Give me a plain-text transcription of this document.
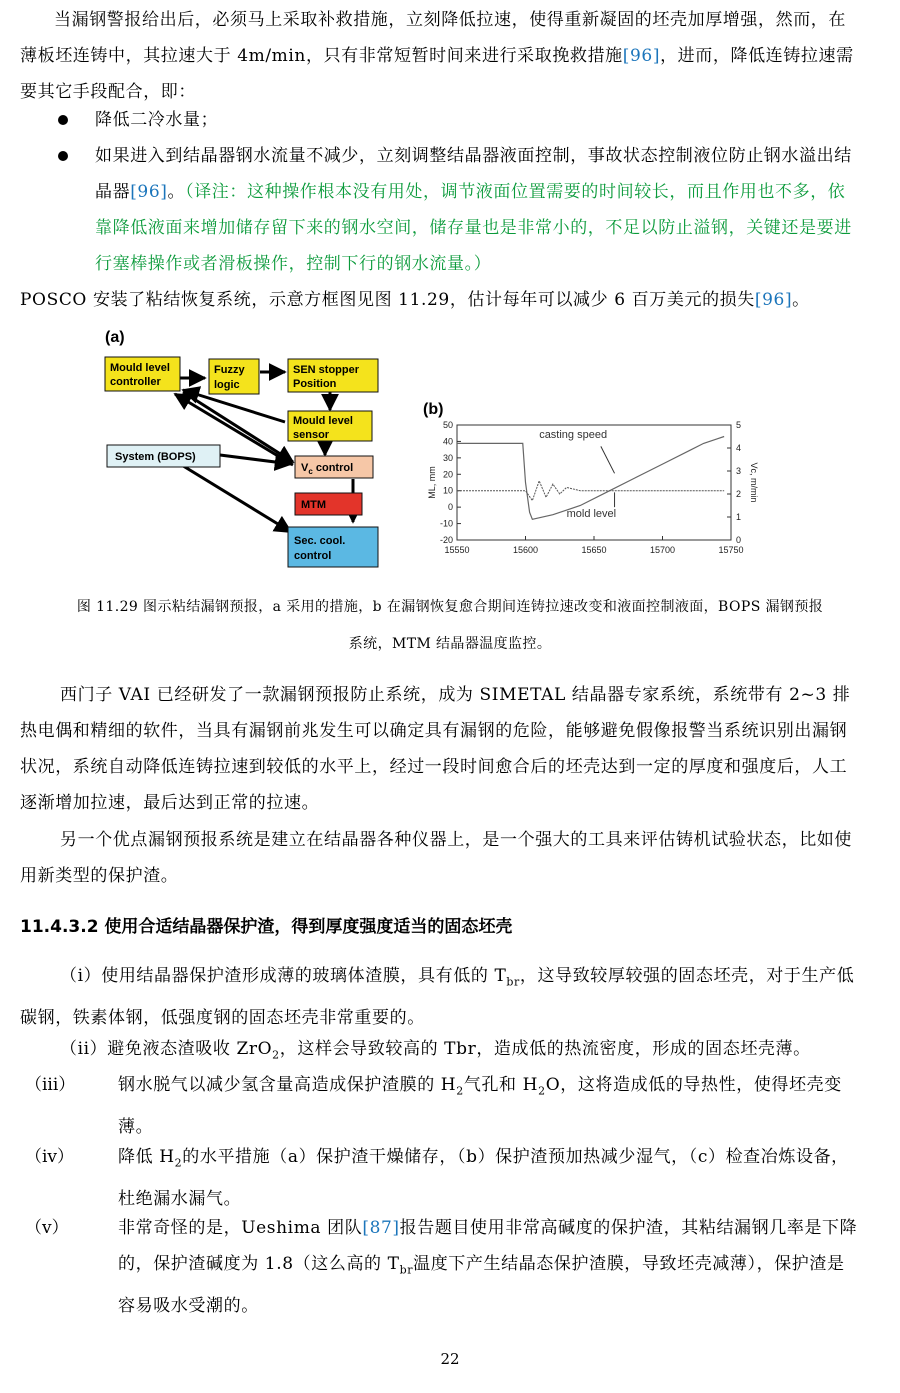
当漏钢警报给出后，必须马上采取补救措施，立刻降低拉速，使得重新凝固的坯壳加厚增强，然而，在薄板坯连铸中，其拉速大于 4m/min，只有非常短暂时间来进行采取挽救措施[96]，进而，降低连铸拉速需要其它手段配合，即：

降低二冷水量；

如果进入到结晶器钢水流量不减少，立刻调整结晶器液面控制，事故状态控制液位防止钢水溢出结晶器[96]。（译注：这种操作根本没有用处，调节液面位置需要的时间较长，而且作用也不多，依靠降低液面来增加储存留下来的钢水空间，储存量也是非常小的，不足以防止溢钢，关键还是要进行塞棒操作或者滑板操作，控制下行的钢水流量。）

POSCO 安装了粘结恢复系统，示意方框图见图 11.29，估计每年可以减少 6 百万美元的损失[96]。

(a)
Mould level
controller
Fuzzy
logic
SEN stopper
Position
Mould level
sensor
System (BOPS)
$V_c$ control
MTM
Sec. cool.
control
(b)
50
40
30
20
10
0
-10
-20
5
4
3
2
1
0
15550	15600	15650	15700	15750
ML, mm	Vc, m/min
casting speed
mold level

图 11.29 图示粘结漏钢预报，a 采用的措施，b 在漏钢恢复愈合期间连铸拉速改变和液面控制液面，BOPS 漏钢预报

系统，MTM 结晶器温度监控。

西门子 VAI 已经研发了一款漏钢预报防止系统，成为 SIMETAL 结晶器专家系统，系统带有 2~3 排热电偶和精细的软件，当具有漏钢前兆发生可以确定具有漏钢的危险，能够避免假像报警当系统识别出漏钢状况，系统自动降低连铸拉速到较低的水平上，经过一段时间愈合后的坯壳达到一定的厚度和强度后，人工逐渐增加拉速，最后达到正常的拉速。

另一个优点漏钢预报系统是建立在结晶器各种仪器上，是一个强大的工具来评估铸机试验状态，比如使用新类型的保护渣。

11.4.3.2 使用合适结晶器保护渣，得到厚度强度适当的固态坯壳

（i）使用结晶器保护渣形成薄的玻璃体渣膜，具有低的 $T_{br}$，这导致较厚较强的固态坯壳，对于生产低碳钢，铁素体钢，低强度钢的固态坯壳非常重要的。

（ii）避免液态渣吸收 ZrO$_2$，这样会导致较高的 Tbr，造成低的热流密度，形成的固态坯壳薄。

（iii）	钢水脱气以减少氢含量高造成保护渣膜的 $H_2$气孔和 $H_2O$，这将造成低的导热性，使得坯壳变薄。

（iv）	降低 $H_2$的水平措施（a）保护渣干燥储存，（b）保护渣预加热减少湿气，（c）检查冶炼设备，杜绝漏水漏气。

（v）	非常奇怪的是，Ueshima 团队[87]报告题目使用非常高碱度的保护渣，其粘结漏钢几率是下降的，保护渣碱度为 1.8（这么高的 $T_{br}$温度下产生结晶态保护渣膜，导致坯壳减薄），保护渣是容易吸水受潮的。

22
